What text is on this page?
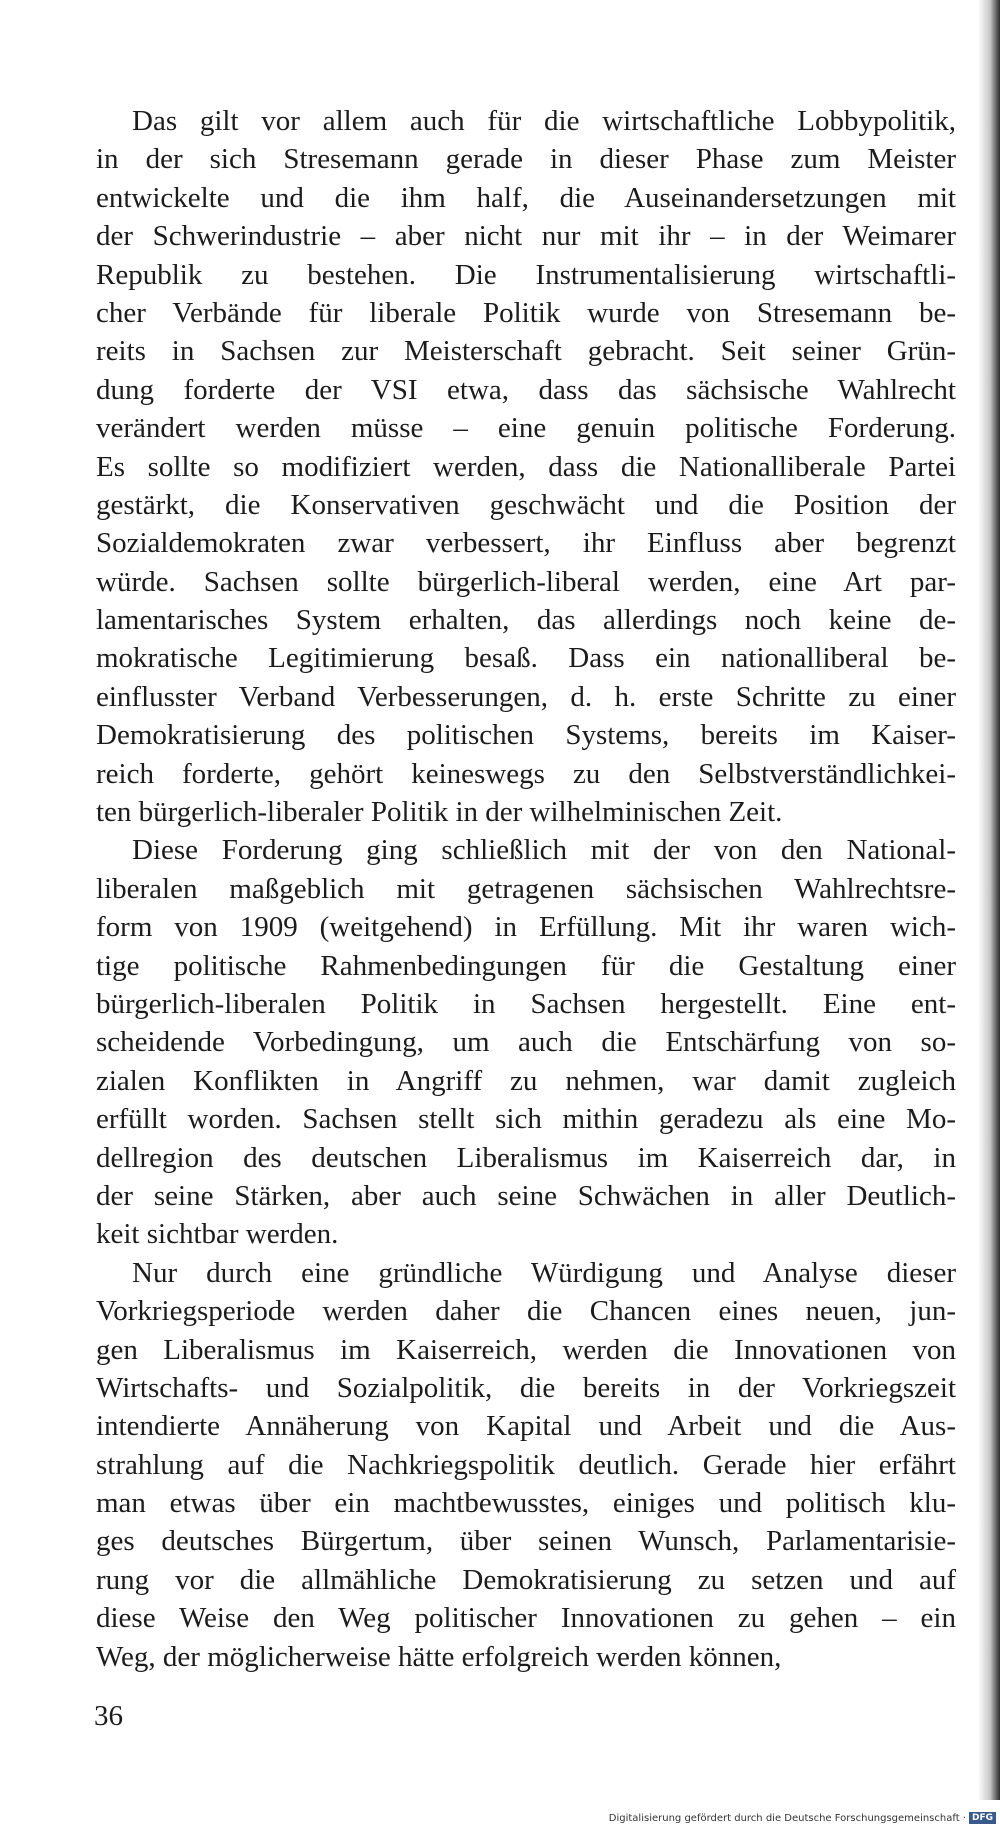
Das gilt vor allem auch für die wirtschaftliche Lobbypolitik,
in der sich Stresemann gerade in dieser Phase zum Meister
entwickelte und die ihm half, die Auseinandersetzungen mit
der Schwerindustrie – aber nicht nur mit ihr – in der Weimarer
Republik zu bestehen. Die Instrumentalisierung wirtschaftli-
cher Verbände für liberale Politik wurde von Stresemann be-
reits in Sachsen zur Meisterschaft gebracht. Seit seiner Grün-
dung forderte der VSI etwa, dass das sächsische Wahlrecht
verändert werden müsse – eine genuin politische Forderung.
Es sollte so modifiziert werden, dass die Nationalliberale Partei
gestärkt, die Konservativen geschwächt und die Position der
Sozialdemokraten zwar verbessert, ihr Einfluss aber begrenzt
würde. Sachsen sollte bürgerlich-liberal werden, eine Art par-
lamentarisches System erhalten, das allerdings noch keine de-
mokratische Legitimierung besaß. Dass ein nationalliberal be-
einflusster Verband Verbesserungen, d. h. erste Schritte zu einer
Demokratisierung des politischen Systems, bereits im Kaiser-
reich forderte, gehört keineswegs zu den Selbstverständlichkei-
ten bürgerlich-liberaler Politik in der wilhelminischen Zeit.
Diese Forderung ging schließlich mit der von den National-
liberalen maßgeblich mit getragenen sächsischen Wahlrechtsre-
form von 1909 (weitgehend) in Erfüllung. Mit ihr waren wich-
tige politische Rahmenbedingungen für die Gestaltung einer
bürgerlich-liberalen Politik in Sachsen hergestellt. Eine ent-
scheidende Vorbedingung, um auch die Entschärfung von so-
zialen Konflikten in Angriff zu nehmen, war damit zugleich
erfüllt worden. Sachsen stellt sich mithin geradezu als eine Mo-
dellregion des deutschen Liberalismus im Kaiserreich dar, in
der seine Stärken, aber auch seine Schwächen in aller Deutlich-
keit sichtbar werden.
Nur durch eine gründliche Würdigung und Analyse dieser
Vorkriegsperiode werden daher die Chancen eines neuen, jun-
gen Liberalismus im Kaiserreich, werden die Innovationen von
Wirtschafts- und Sozialpolitik, die bereits in der Vorkriegszeit
intendierte Annäherung von Kapital und Arbeit und die Aus-
strahlung auf die Nachkriegspolitik deutlich. Gerade hier erfährt
man etwas über ein machtbewusstes, einiges und politisch klu-
ges deutsches Bürgertum, über seinen Wunsch, Parlamentarisie-
rung vor die allmähliche Demokratisierung zu setzen und auf
diese Weise den Weg politischer Innovationen zu gehen – ein
Weg, der möglicherweise hätte erfolgreich werden können,
36
Digitalisierung gefördert durch die Deutsche Forschungsgemeinschaft · DFG
